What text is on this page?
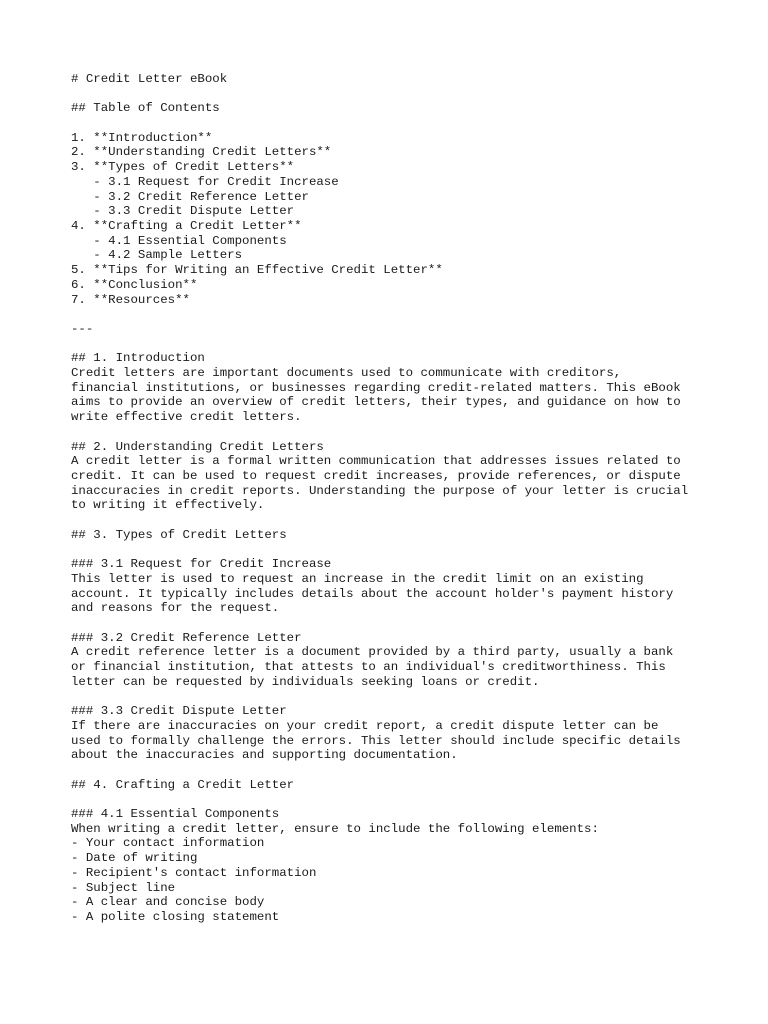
# Credit Letter eBook
## Table of Contents
1. **Introduction**
2. **Understanding Credit Letters**
3. **Types of Credit Letters**
- 3.1 Request for Credit Increase
- 3.2 Credit Reference Letter
- 3.3 Credit Dispute Letter
4. **Crafting a Credit Letter**
- 4.1 Essential Components
- 4.2 Sample Letters
5. **Tips for Writing an Effective Credit Letter**
6. **Conclusion**
7. **Resources**
---
## 1. Introduction
Credit letters are important documents used to communicate with creditors,
financial institutions, or businesses regarding credit-related matters. This eBook
aims to provide an overview of credit letters, their types, and guidance on how to
write effective credit letters.
## 2. Understanding Credit Letters
A credit letter is a formal written communication that addresses issues related to
credit. It can be used to request credit increases, provide references, or dispute
inaccuracies in credit reports. Understanding the purpose of your letter is crucial
to writing it effectively.
## 3. Types of Credit Letters
### 3.1 Request for Credit Increase
This letter is used to request an increase in the credit limit on an existing
account. It typically includes details about the account holder's payment history
and reasons for the request.
### 3.2 Credit Reference Letter
A credit reference letter is a document provided by a third party, usually a bank
or financial institution, that attests to an individual's creditworthiness. This
letter can be requested by individuals seeking loans or credit.
### 3.3 Credit Dispute Letter
If there are inaccuracies on your credit report, a credit dispute letter can be
used to formally challenge the errors. This letter should include specific details
about the inaccuracies and supporting documentation.
## 4. Crafting a Credit Letter
### 4.1 Essential Components
When writing a credit letter, ensure to include the following elements:
- Your contact information
- Date of writing
- Recipient's contact information
- Subject line
- A clear and concise body
- A polite closing statement
